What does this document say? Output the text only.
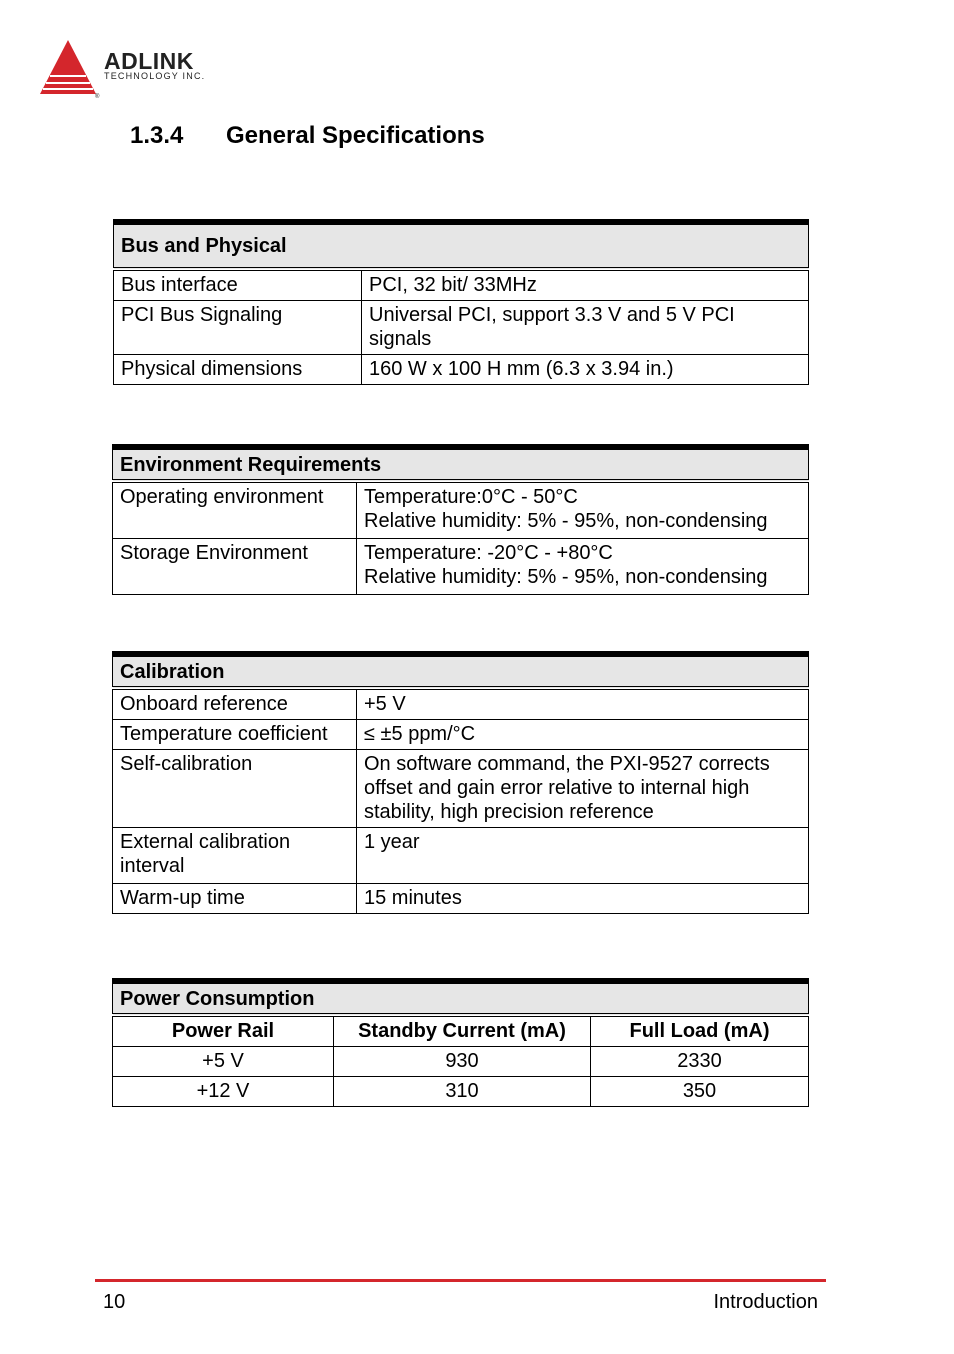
®
ADLINK
TECHNOLOGY INC.
1.3.4 General Specifications
Bus and Physical	
Bus interface	PCI, 32 bit/ 33MHz
PCI Bus Signaling	Universal PCI, support 3.3 V and 5 V PCI
signals

Physical dimensions	160 W x 100 H mm (6.3 x 3.94 in.)
Environment Requirements	
Operating environment	Temperature:0°C - 50°C
Relative humidity: 5% - 95%, non-condensing

Storage Environment	Temperature: -20°C - +80°C
Relative humidity: 5% - 95%, non-condensing
Calibration	
Onboard reference	+5 V
Temperature coefficient	≤ ±5 ppm/°C
Self-calibration	On software command, the PXI-9527 corrects
offset and gain error relative to internal high
stability, high precision reference

External calibration
interval	1 year
Warm-up time	15 minutes
Power Consumption		
Power Rail	Standby Current (mA)	Full Load (mA)
+5 V	930	2330
+12 V	310	350
10	Introduction
